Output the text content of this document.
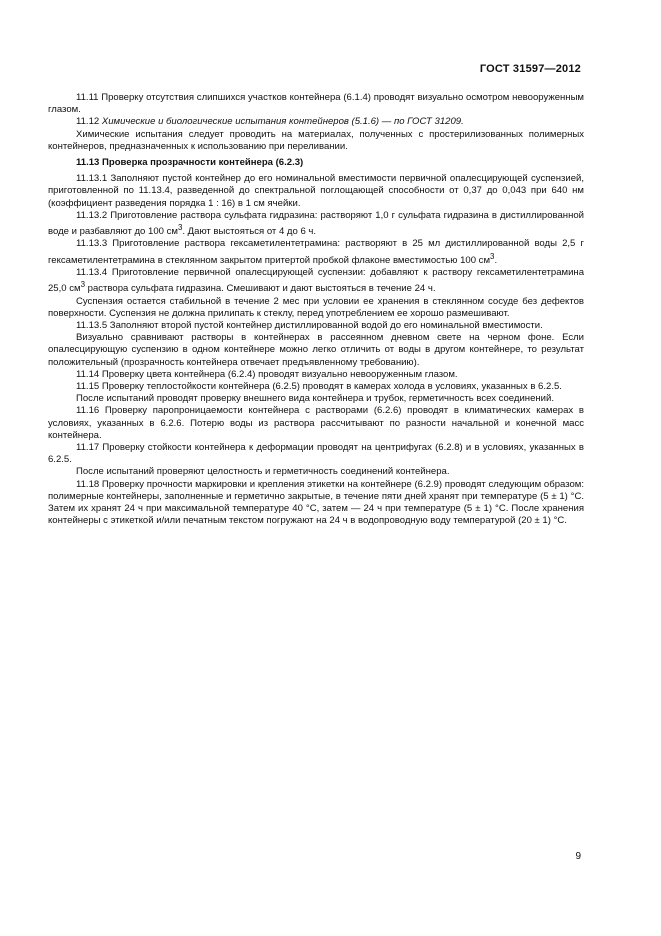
ГОСТ 31597—2012

11.11 Проверку отсутствия слипшихся участков контейнера (6.1.4) проводят визуально осмотром невооруженным глазом.

11.12 Химические и биологические испытания контейнеров (5.1.6) — по ГОСТ 31209.

Химические испытания следует проводить на материалах, полученных с простерилизованных полимерных контейнеров, предназначенных к использованию при переливании.

11.13 Проверка прозрачности контейнера (6.2.3)

11.13.1 Заполняют пустой контейнер до его номинальной вместимости первичной опалесцирующей суспензией, приготовленной по 11.13.4, разведенной до спектральной поглощающей способности от 0,37 до 0,043 при 640 нм (коэффициент разведения порядка 1 : 16) в 1 см ячейки.

11.13.2 Приготовление раствора сульфата гидразина: растворяют 1,0 г сульфата гидразина в дистиллированной воде и разбавляют до 100 $см^3$. Дают выстояться от 4 до 6 ч.

11.13.3 Приготовление раствора гексаметилентетрамина: растворяют в 25 мл дистиллированной воды 2,5 г гексаметилентетрамина в стеклянном закрытом притертой пробкой флаконе вместимостью 100 $см^3$.

11.13.4 Приготовление первичной опалесцирующей суспензии: добавляют к раствору гексаметилентетрамина 25,0 $см^3$ раствора сульфата гидразина. Смешивают и дают выстояться в течение 24 ч.

Суспензия остается стабильной в течение 2 мес при условии ее хранения в стеклянном сосуде без дефектов поверхности. Суспензия не должна прилипать к стеклу, перед употреблением ее хорошо размешивают.

11.13.5 Заполняют второй пустой контейнер дистиллированной водой до его номинальной вместимости.

Визуально сравнивают растворы в контейнерах в рассеянном дневном свете на черном фоне. Если опалесцирующую суспензию в одном контейнере можно легко отличить от воды в другом контейнере, то результат положительный (прозрачность контейнера отвечает предъявленному требованию).

11.14 Проверку цвета контейнера (6.2.4) проводят визуально невооруженным глазом.

11.15 Проверку теплостойкости контейнера (6.2.5) проводят в камерах холода в условиях, указанных в 6.2.5.

После испытаний проводят проверку внешнего вида контейнера и трубок, герметичность всех соединений.

11.16 Проверку паропроницаемости контейнера с растворами (6.2.6) проводят в климатических камерах в условиях, указанных в 6.2.6. Потерю воды из раствора рассчитывают по разности начальной и конечной масс контейнера.

11.17 Проверку стойкости контейнера к деформации проводят на центрифугах (6.2.8) и в условиях, указанных в 6.2.5.

После испытаний проверяют целостность и герметичность соединений контейнера.

11.18 Проверку прочности маркировки и крепления этикетки на контейнере (6.2.9) проводят следующим образом: полимерные контейнеры, заполненные и герметично закрытые, в течение пяти дней хранят при температуре (5 ± 1) °С. Затем их хранят 24 ч при максимальной температуре 40 °С, затем — 24 ч при температуре (5 ± 1) °С. После хранения контейнеры с этикеткой и/или печатным текстом погружают на 24 ч в водопроводную воду температурой (20 ± 1) °С.

9
